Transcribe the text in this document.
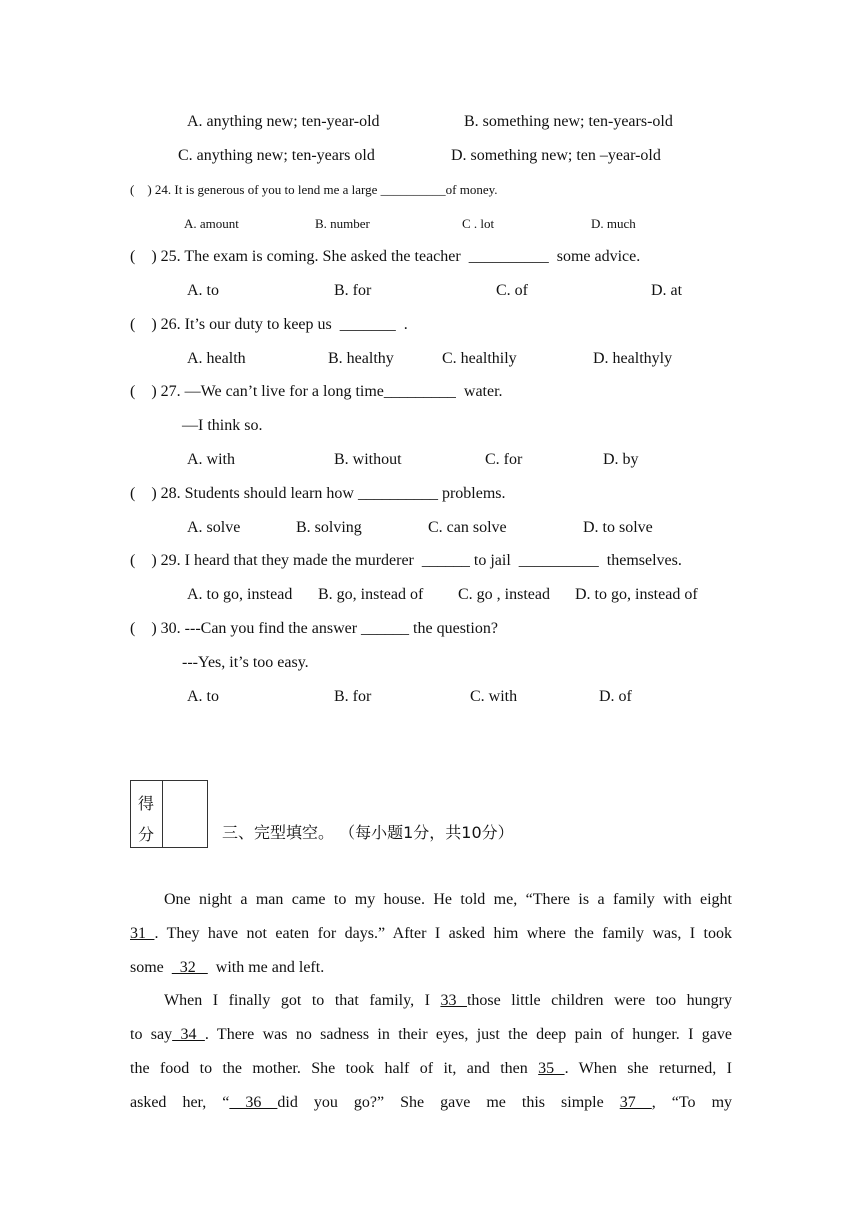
A. anything new; ten-year-old	B. something new; ten-years-old
C. anything new; ten-years old	D. something new; ten –year-old
(    ) 24. It is generous of you to lend me a large __________of money.
A. amount	B. number	C . lot	D. much
(    ) 25. The exam is coming. She asked the teacher  __________  some advice.
A. to	B. for	C. of	D. at
(    ) 26. It’s our duty to keep us  _______  .
A. health	B. healthy	C. healthily	D. healthyly
(    ) 27. —We can’t live for a long time_________  water.
—I think so.
A. with	B. without	C. for	D. by
(    ) 28. Students should learn how __________ problems.
A. solve	B. solving	C. can solve	D. to solve
(    ) 29. I heard that they made the murderer  ______ to jail  __________  themselves.
A. to go, instead B. go, instead of C. go , instead D. to go, instead of
(    ) 30. ---Can you find the answer ______ the question?
---Yes, it’s too easy.
A. to	B. for	C. with	D. of
得
分	三、完型填空。 （每小题1分，共10分）
One night a man came to my house. He told me, “There is a family with eight
31 . They have not eaten for days.” After I asked him where the family was, I took
some    32     with me and left.
When I finally got to that family, I 33 those little children were too hungry
to say 34 . There was no sadness in their eyes, just the deep pain of hunger. I gave
the food to the mother. She took half of it, and then 35 . When she returned, I
asked her, “ 36 did you go?” She gave me this simple 37 , “To my
